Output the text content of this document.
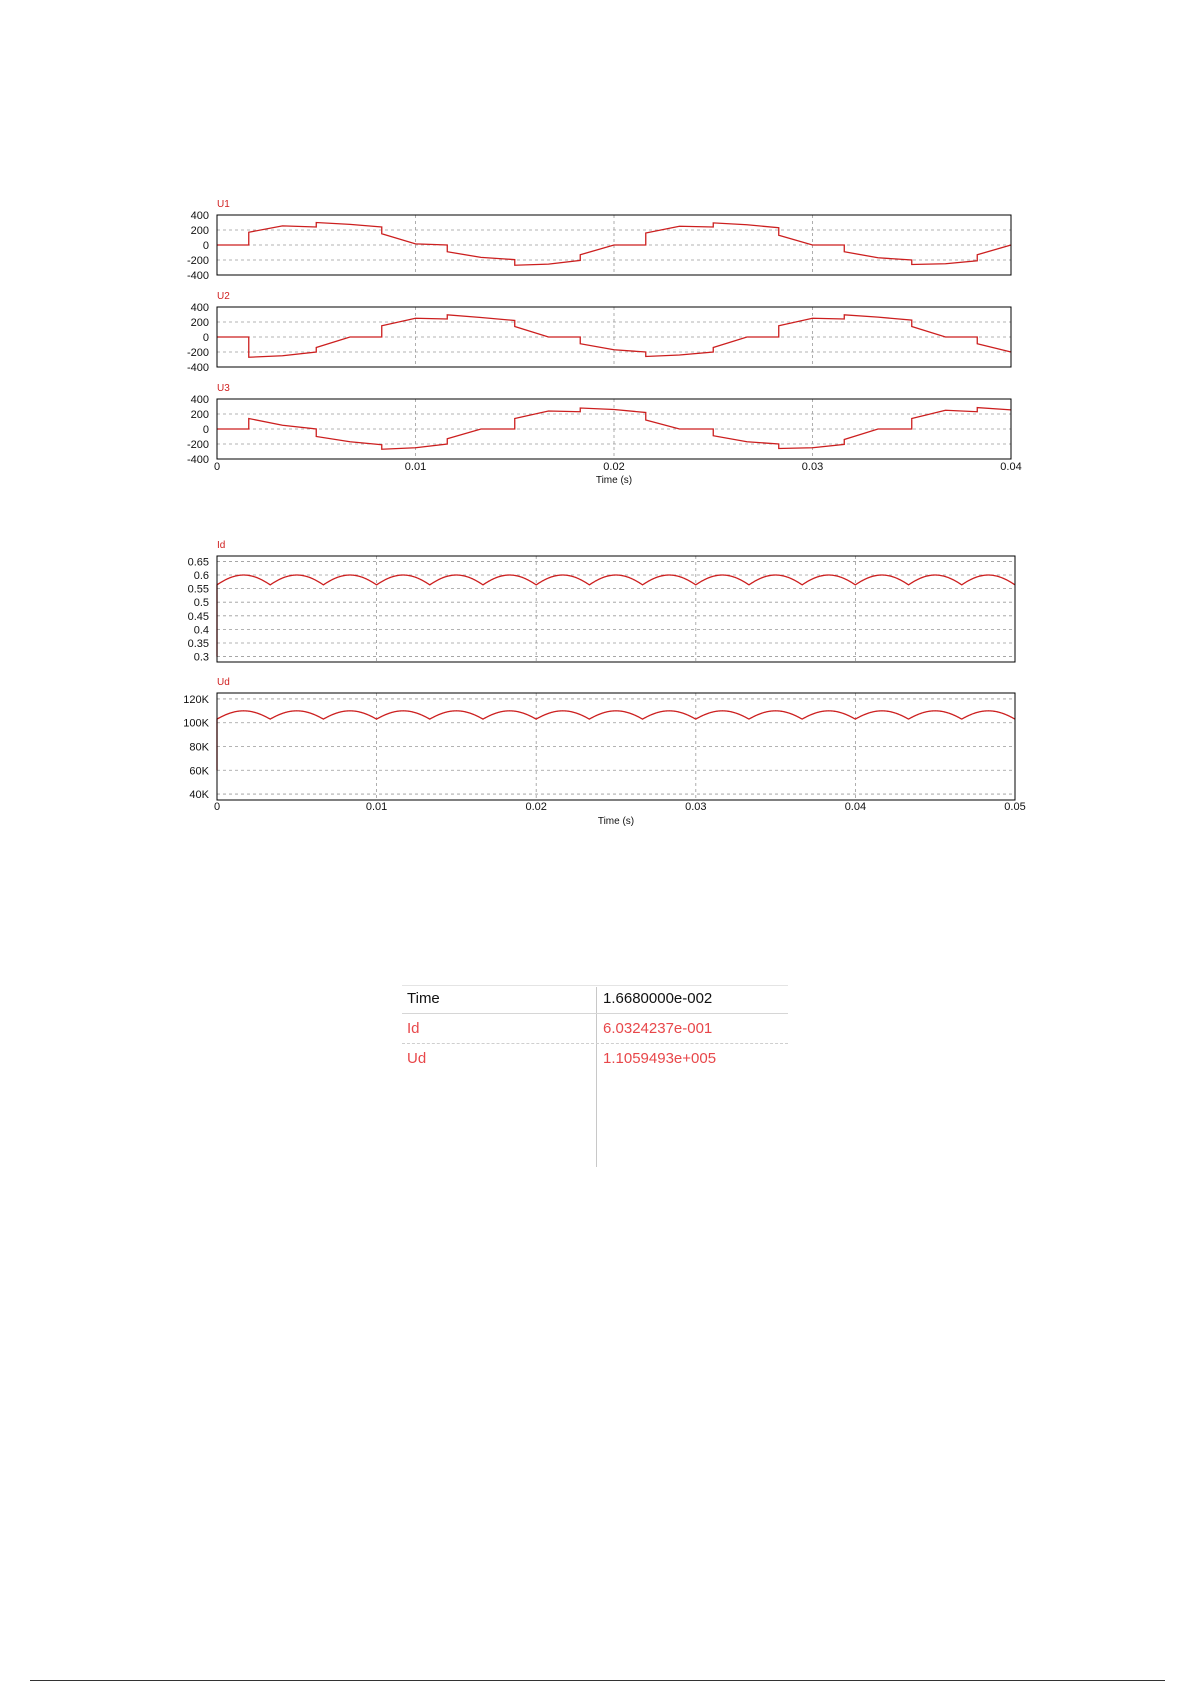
U1
400
200
0
-200
-400
U2
400
200
0
-200
-400
U3
400
200
0
-200
-400
0	0.01	0.02	0.03	0.04
Time (s)
Id
0.65
0.6
0.55
0.5
0.45
0.4
0.35
0.3
Ud
120K
100K
80K
60K
40K
0	0.01	0.02	0.03	0.04	0.05
Time (s)
Time	1.6680000e-002
Id	6.0324237e-001
Ud	1.1059493e+005
